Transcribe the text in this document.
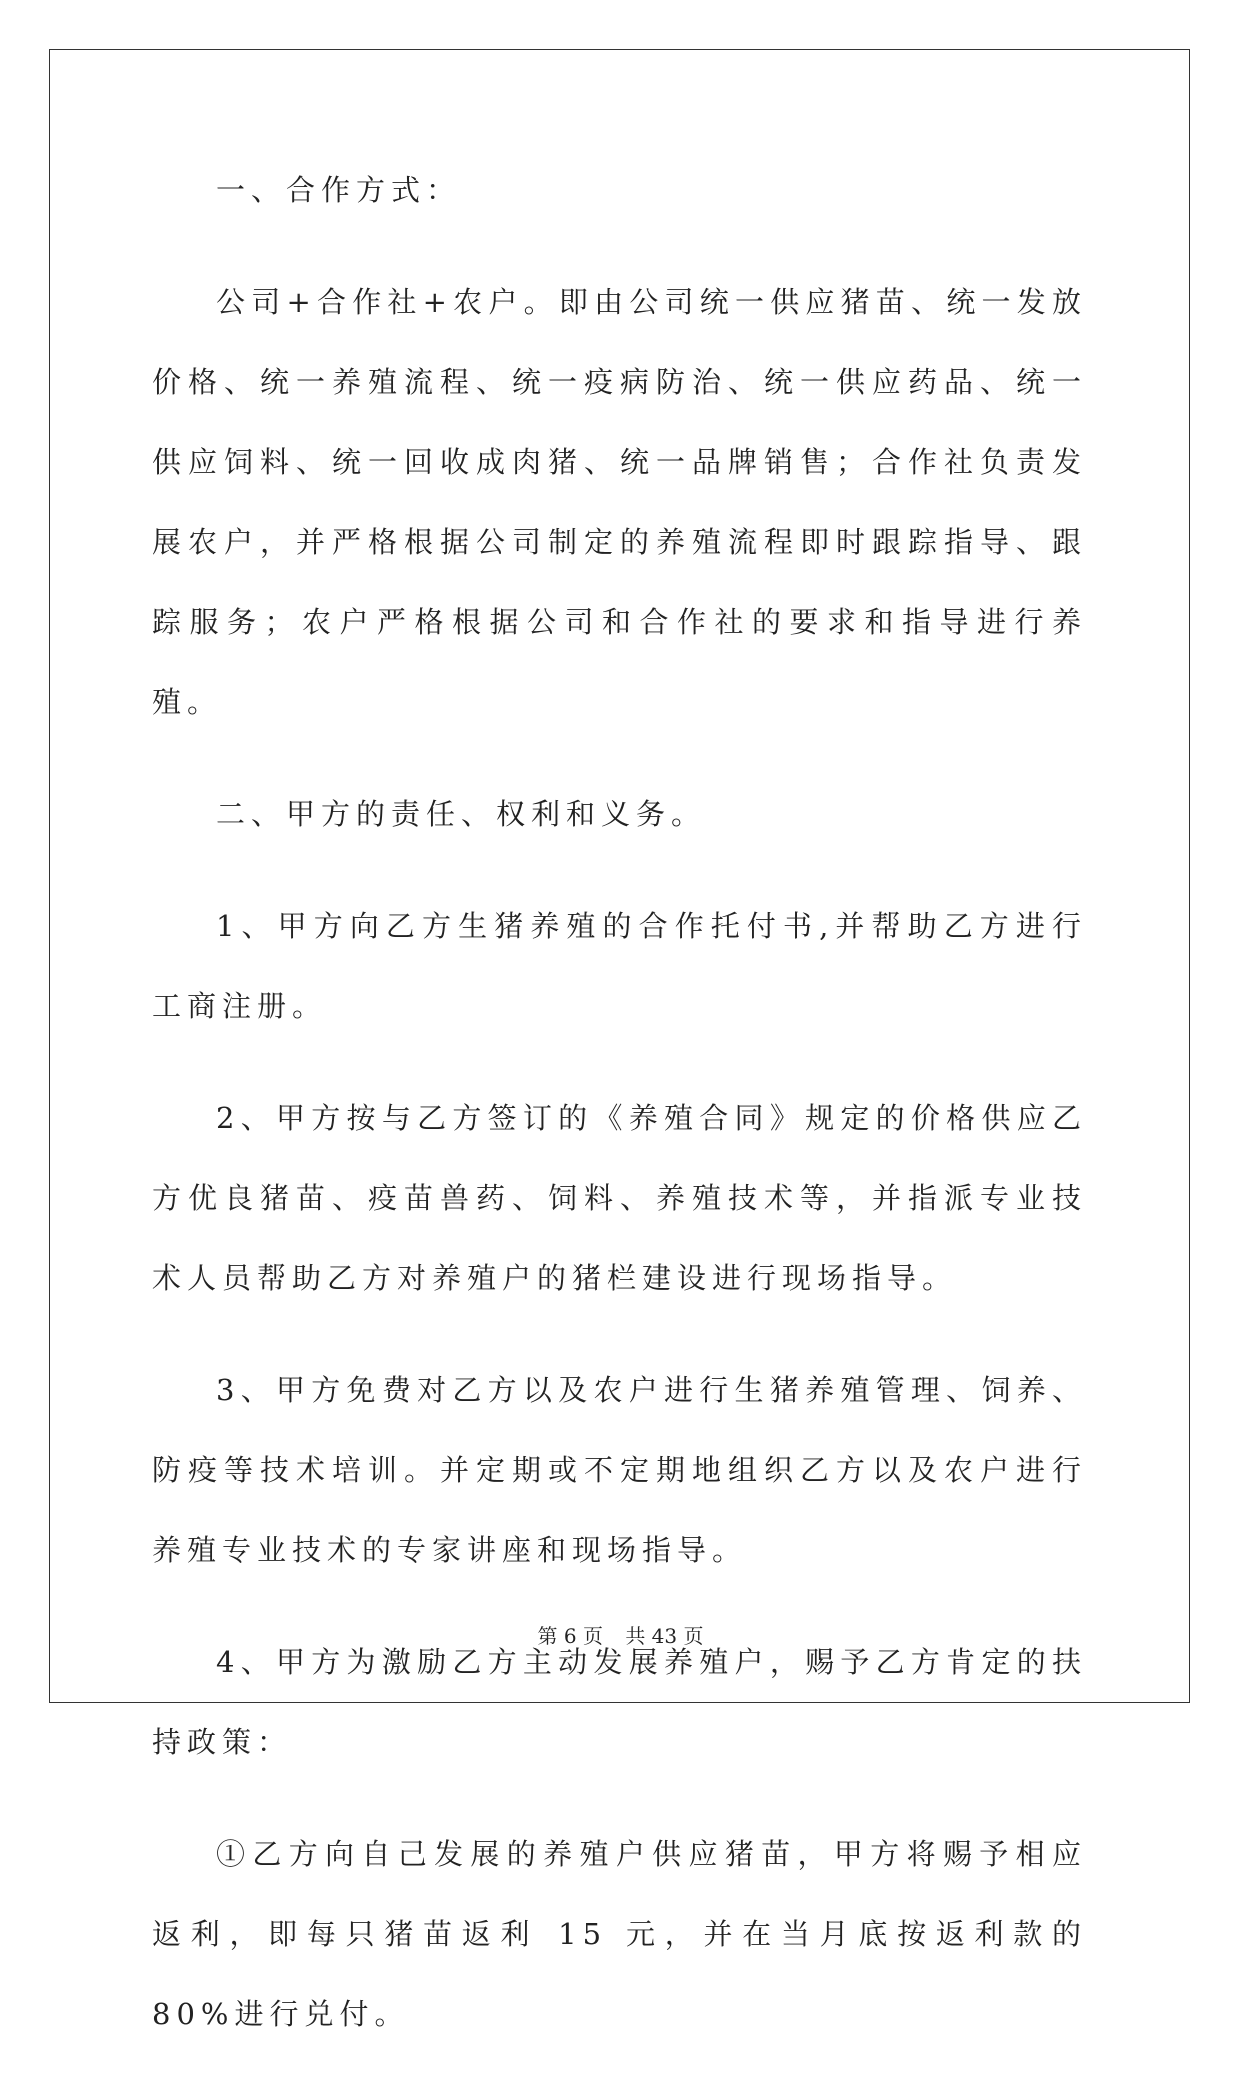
一、合作方式：

公司+合作社+农户。即由公司统一供应猪苗、统一发放价格、统一养殖流程、统一疫病防治、统一供应药品、统一供应饲料、统一回收成肉猪、统一品牌销售；合作社负责发展农户，并严格根据公司制定的养殖流程即时跟踪指导、跟踪服务；农户严格根据公司和合作社的要求和指导进行养殖。

二、甲方的责任、权利和义务。

1、甲方向乙方生猪养殖的合作托付书,并帮助乙方进行工商注册。

2、甲方按与乙方签订的《养殖合同》规定的价格供应乙方优良猪苗、疫苗兽药、饲料、养殖技术等，并指派专业技术人员帮助乙方对养殖户的猪栏建设进行现场指导。

3、甲方免费对乙方以及农户进行生猪养殖管理、饲养、防疫等技术培训。并定期或不定期地组织乙方以及农户进行养殖专业技术的专家讲座和现场指导。

4、甲方为激励乙方主动发展养殖户，赐予乙方肯定的扶持政策：

①乙方向自己发展的养殖户供应猪苗，甲方将赐予相应返利，即每只猪苗返利 15 元，并在当月底按返利款的 80%进行兑付。

第 6 页 共 43 页
